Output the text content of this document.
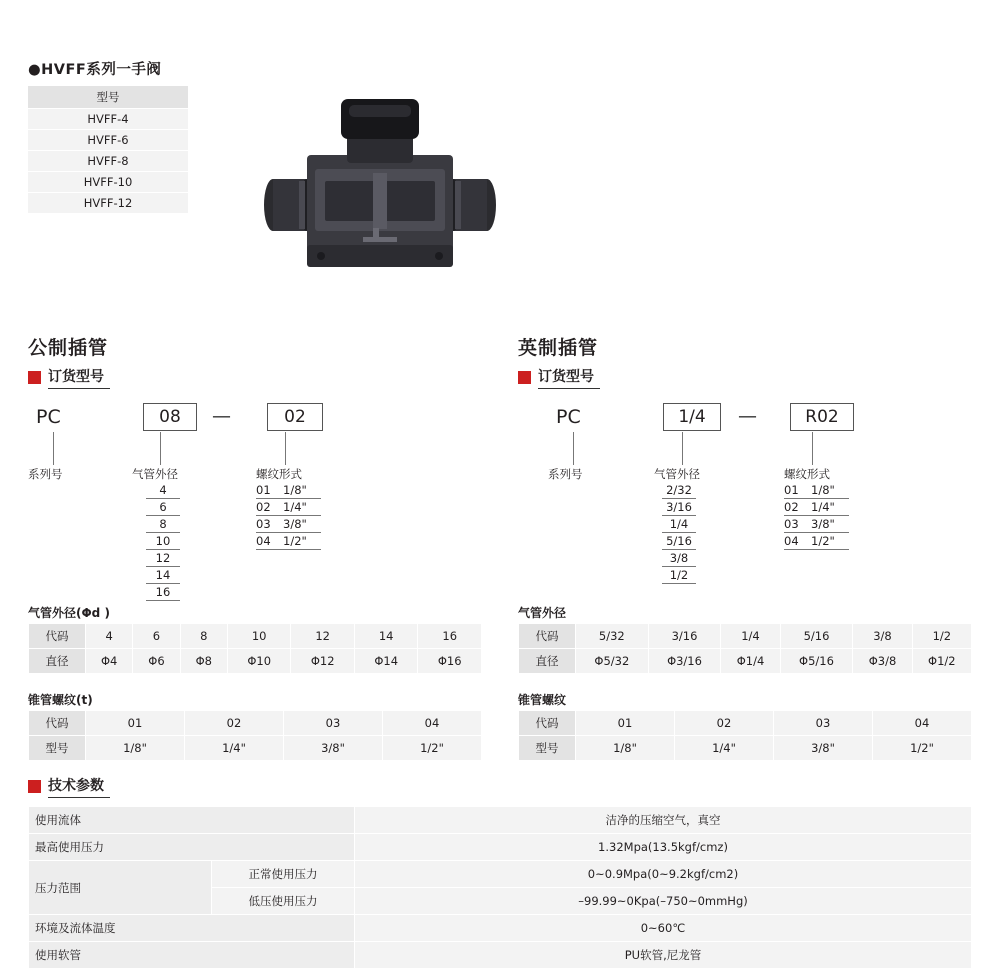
●HVFF系列一手阀
型号
HVFF-4
HVFF-6
HVFF-8
HVFF-10
HVFF-12
公制插管
订货型号
PC	08	—	02
系列号	气管外径	螺纹形式
4
6
8
10
12
14
16
01	1/8"
02	1/4"
03	3/8"
04	1/2"
气管外径(Φd )
代码	4	6	8	10	12	14	16
直径	Φ4	Φ6	Φ8	Φ10	Φ12	Φ14	Φ16
锥管螺纹(t)
代码	01	02	03	04
型号	1/8"	1/4"	3/8"	1/2"
英制插管
订货型号
PC	1/4	—	R02
系列号	气管外径	螺纹形式
2/32
3/16
1/4
5/16
3/8
1/2
01	1/8"
02	1/4"
03	3/8"
04	1/2"
气管外径
代码	5/32	3/16	1/4	5/16	3/8	1/2
直径	Φ5/32	Φ3/16	Φ1/4	Φ5/16	Φ3/8	Φ1/2
锥管螺纹
代码	01	02	03	04
型号	1/8"	1/4"	3/8"	1/2"
技术参数
使用流体		洁净的压缩空气，真空
最高使用压力		1.32Mpa(13.5kgf/cmz)
压力范围	正常使用压力	0~0.9Mpa(0~9.2kgf/cm2)
	低压使用压力	–99.99~0Kpa(–750~0mmHg)
环境及流体温度		0~60℃
使用软管		PU软管,尼龙管
